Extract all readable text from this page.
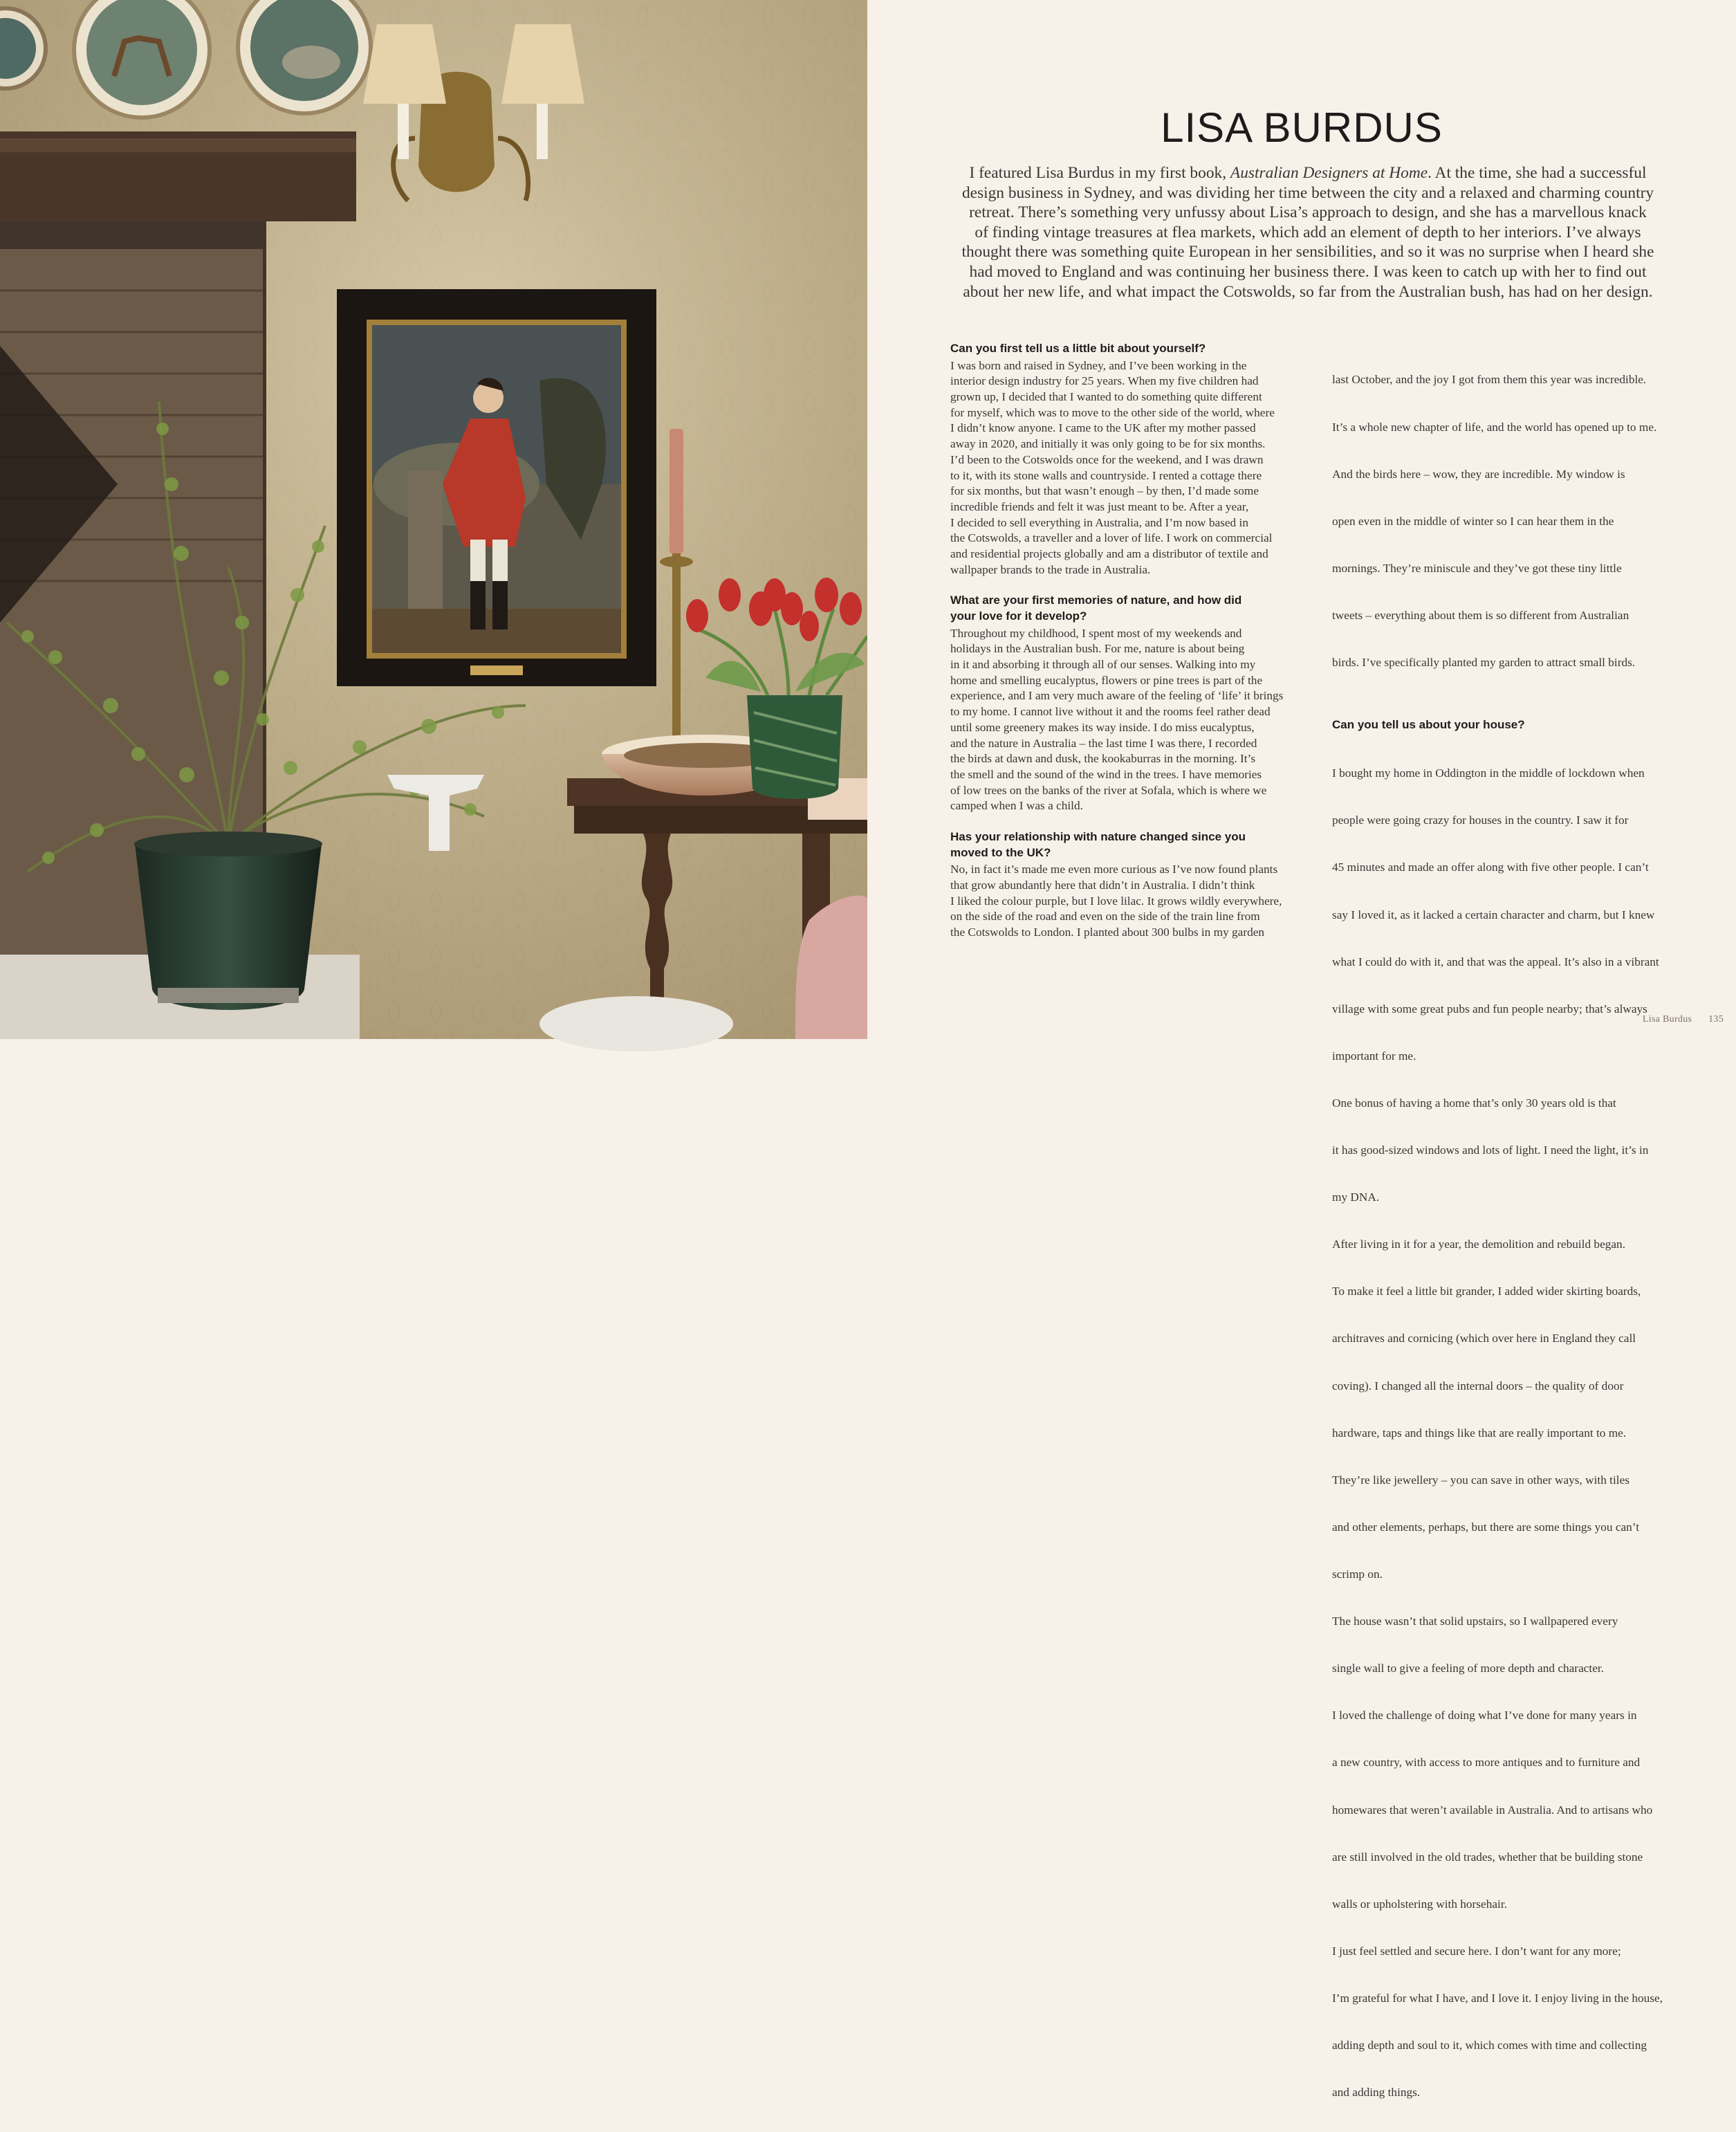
LISA BURDUS

I featured Lisa Burdus in my first book, Australian Designers at Home. At the time, she had a successful
design business in Sydney, and was dividing her time between the city and a relaxed and charming country
retreat. There’s something very unfussy about Lisa’s approach to design, and she has a marvellous knack
of finding vintage treasures at flea markets, which add an element of depth to her interiors. I’ve always
thought there was something quite European in her sensibilities, and so it was no surprise when I heard she
had moved to England and was continuing her business there. I was keen to catch up with her to find out
about her new life, and what impact the Cotswolds, so far from the Australian bush, has had on her design.

Can you first tell us a little bit about yourself?
I was born and raised in Sydney, and I’ve been working in the
interior design industry for 25 years. When my five children had
grown up, I decided that I wanted to do something quite different
for myself, which was to move to the other side of the world, where
I didn’t know anyone. I came to the UK after my mother passed
away in 2020, and initially it was only going to be for six months.
I’d been to the Cotswolds once for the weekend, and I was drawn
to it, with its stone walls and countryside. I rented a cottage there
for six months, but that wasn’t enough – by then, I’d made some
incredible friends and felt it was just meant to be. After a year,
I decided to sell everything in Australia, and I’m now based in
the Cotswolds, a traveller and a lover of life. I work on commercial
and residential projects globally and am a distributor of textile and
wallpaper brands to the trade in Australia.
What are your first memories of nature, and how did
your love for it develop?
Throughout my childhood, I spent most of my weekends and
holidays in the Australian bush. For me, nature is about being
in it and absorbing it through all of our senses. Walking into my
home and smelling eucalyptus, flowers or pine trees is part of the
experience, and I am very much aware of the feeling of ‘life’ it brings
to my home. I cannot live without it and the rooms feel rather dead
until some greenery makes its way inside. I do miss eucalyptus,
and the nature in Australia – the last time I was there, I recorded
the birds at dawn and dusk, the kookaburras in the morning. It’s
the smell and the sound of the wind in the trees. I have memories
of low trees on the banks of the river at Sofala, which is where we
camped when I was a child.
Has your relationship with nature changed since you
moved to the UK?
No, in fact it’s made me even more curious as I’ve now found plants
that grow abundantly here that didn’t in Australia. I didn’t think
I liked the colour purple, but I love lilac. It grows wildly everywhere,
on the side of the road and even on the side of the train line from
the Cotswolds to London. I planted about 300 bulbs in my garden

last October, and the joy I got from them this year was incredible.

It’s a whole new chapter of life, and the world has opened up to me.

And the birds here – wow, they are incredible. My window is

open even in the middle of winter so I can hear them in the

mornings. They’re miniscule and they’ve got these tiny little

tweets – everything about them is so different from Australian

birds. I’ve specifically planted my garden to attract small birds.

Can you tell us about your house?

I bought my home in Oddington in the middle of lockdown when

people were going crazy for houses in the country. I saw it for

45 minutes and made an offer along with five other people. I can’t

say I loved it, as it lacked a certain character and charm, but I knew

what I could do with it, and that was the appeal. It’s also in a vibrant

village with some great pubs and fun people nearby; that’s always

important for me.

One bonus of having a home that’s only 30 years old is that

it has good-sized windows and lots of light. I need the light, it’s in

my DNA.

After living in it for a year, the demolition and rebuild began.

To make it feel a little bit grander, I added wider skirting boards,

architraves and cornicing (which over here in England they call

coving). I changed all the internal doors – the quality of door

hardware, taps and things like that are really important to me.

They’re like jewellery – you can save in other ways, with tiles

and other elements, perhaps, but there are some things you can’t

scrimp on.

The house wasn’t that solid upstairs, so I wallpapered every

single wall to give a feeling of more depth and character.

I loved the challenge of doing what I’ve done for many years in

a new country, with access to more antiques and to furniture and

homewares that weren’t available in Australia. And to artisans who

are still involved in the old trades, whether that be building stone

walls or upholstering with horsehair.

I just feel settled and secure here. I don’t want for any more;

I’m grateful for what I have, and I love it. I enjoy living in the house,

adding depth and soul to it, which comes with time and collecting

and adding things.

Lisa Burdus 135
